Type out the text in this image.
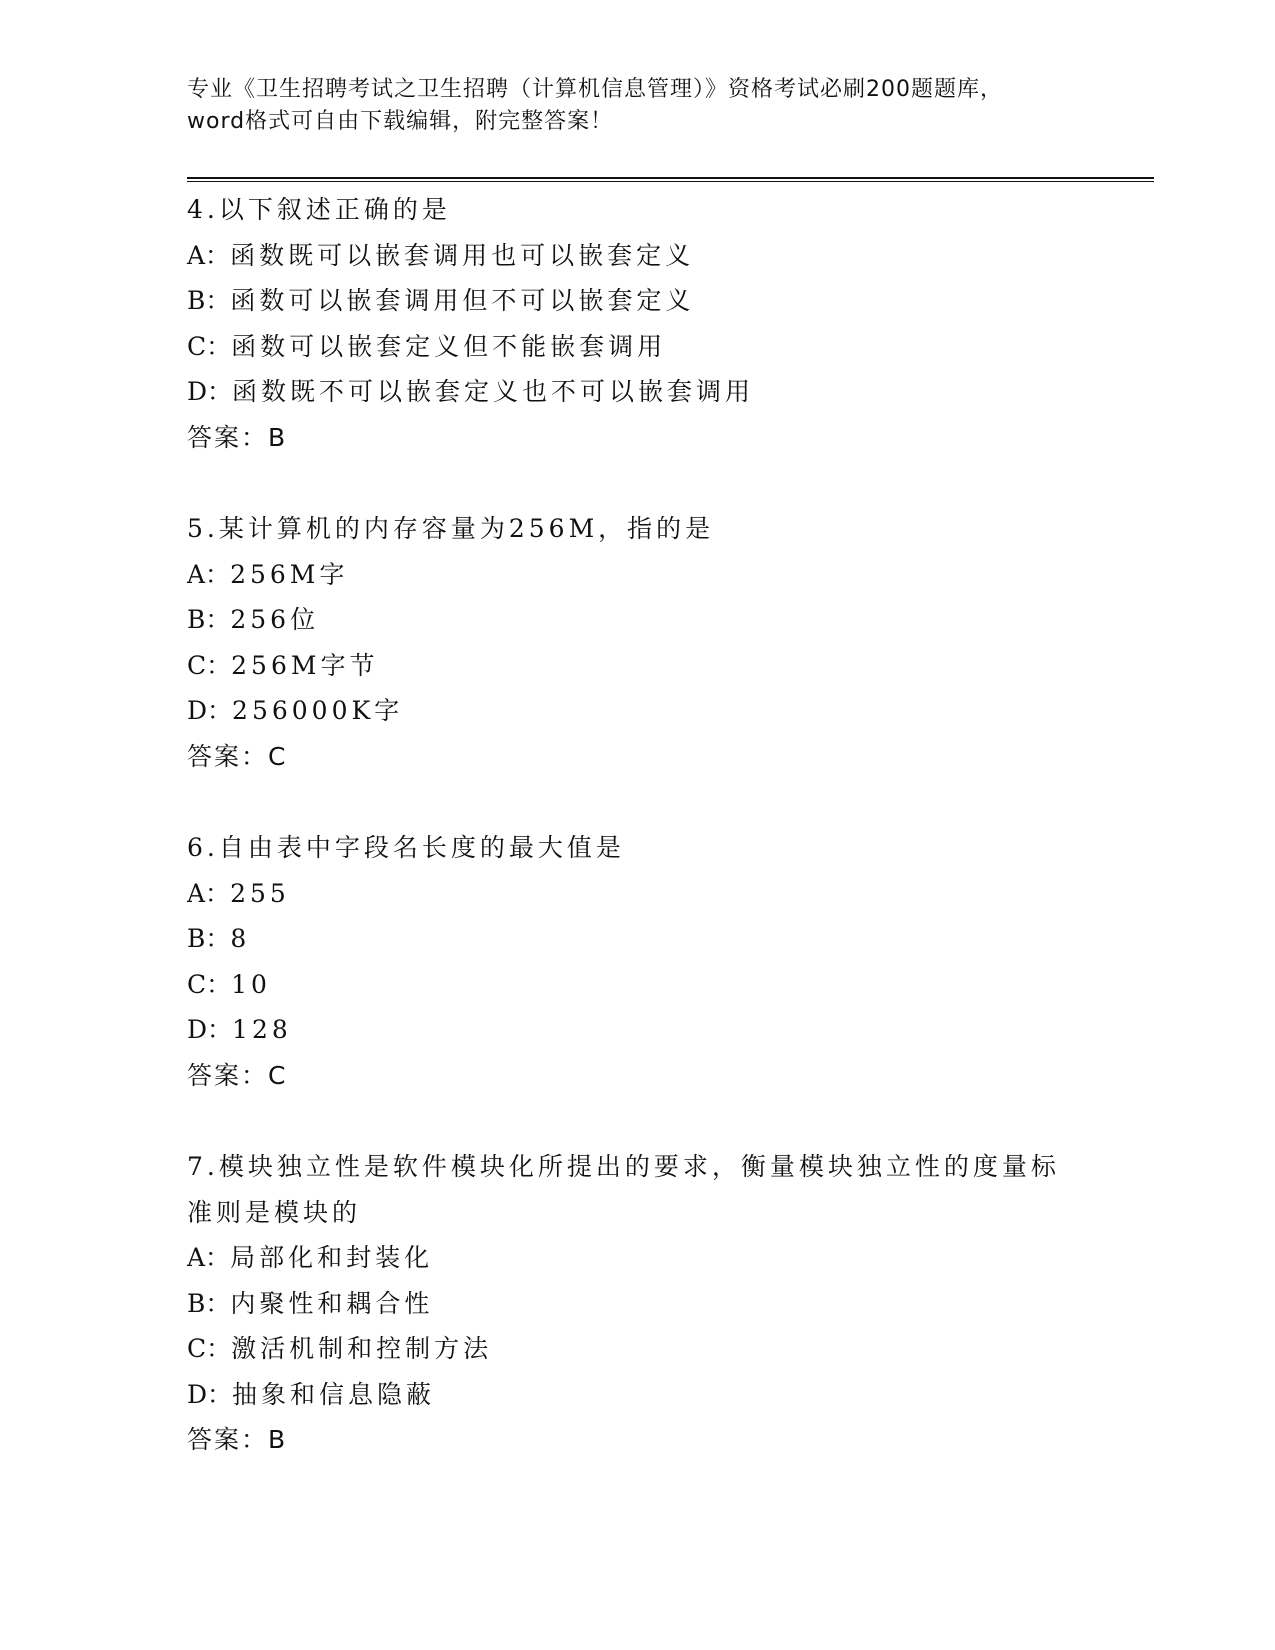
专业《卫生招聘考试之卫生招聘（计算机信息管理）》资格考试必刷200题题库，
word格式可自由下载编辑，附完整答案！
4.以下叙述正确的是
A：函数既可以嵌套调用也可以嵌套定义
B：函数可以嵌套调用但不可以嵌套定义
C：函数可以嵌套定义但不能嵌套调用
D：函数既不可以嵌套定义也不可以嵌套调用
答案：B
5.某计算机的内存容量为256M，指的是
A：256M字
B：256位
C：256M字节
D：256000K字
答案：C
6.自由表中字段名长度的最大值是
A：255
B：8
C：10
D：128
答案：C
7.模块独立性是软件模块化所提出的要求，衡量模块独立性的度量标
准则是模块的
A：局部化和封装化
B：内聚性和耦合性
C：激活机制和控制方法
D：抽象和信息隐蔽
答案：B
